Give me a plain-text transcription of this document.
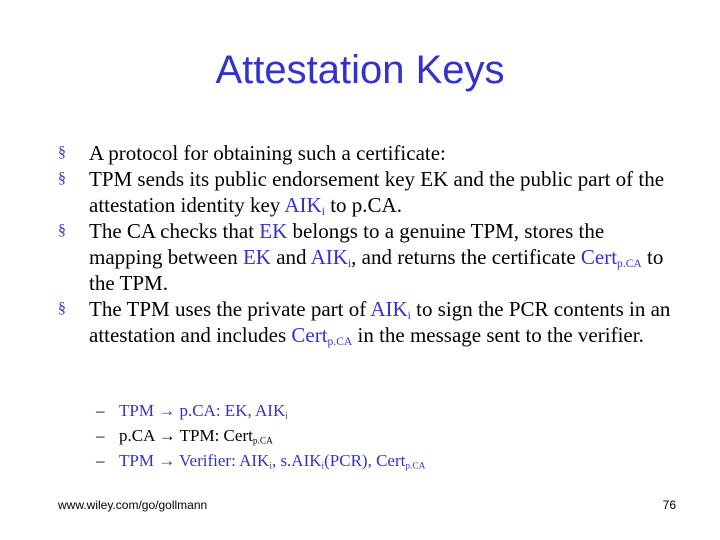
Attestation Keys

§ A protocol for obtaining such a certificate:

§ TPM sends its public endorsement key EK and the public part of the attestation identity key $AIK_i$ to p.CA.

§ The CA checks that EK belongs to a genuine TPM, stores the mapping between EK and $AIK_i$, and returns the certificate Cert$_{p.CA}$ to the TPM.

§ The TPM uses the private part of $AIK_i$ to sign the PCR contents in an attestation and includes Cert$_{p.CA}$ in the message sent to the verifier.

– TPM → p.CA: EK, $AIK_i$

– p.CA → TPM: Cert$_{p.CA}$

– TPM → Verifier: $AIK_i$, $s.AIK_i(PCR)$, Cert$_{p.CA}$

www.wiley.com/go/gollmann	76
